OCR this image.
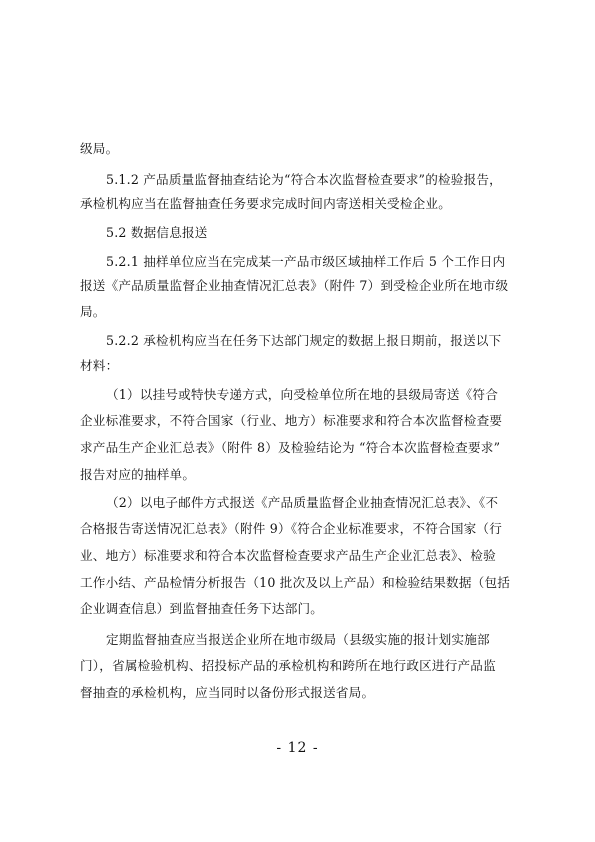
级局。
5.1.2 产品质量监督抽查结论为“符合本次监督检查要求”的检验报告，
承检机构应当在监督抽查任务要求完成时间内寄送相关受检企业。
5.2 数据信息报送
5.2.1 抽样单位应当在完成某一产品市级区域抽样工作后 5 个工作日内
报送《产品质量监督企业抽查情况汇总表》（附件 7）到受检企业所在地市级
局。
5.2.2 承检机构应当在任务下达部门规定的数据上报日期前，报送以下
材料：
（1）以挂号或特快专递方式，向受检单位所在地的县级局寄送《符合
企业标准要求，不符合国家（行业、地方）标准要求和符合本次监督检查要
求产品生产企业汇总表》（附件 8）及检验结论为 “符合本次监督检查要求”
报告对应的抽样单。
（2）以电子邮件方式报送《产品质量监督企业抽查情况汇总表》、《不
合格报告寄送情况汇总表》（附件 9）《符合企业标准要求，不符合国家（行
业、地方）标准要求和符合本次监督检查要求产品生产企业汇总表》、检验
工作小结、产品检情分析报告（10 批次及以上产品）和检验结果数据（包括
企业调查信息）到监督抽查任务下达部门。
定期监督抽查应当报送企业所在地市级局（县级实施的报计划实施部
门），省属检验机构、招投标产品的承检机构和跨所在地行政区进行产品监
督抽查的承检机构，应当同时以备份形式报送省局。
- 12 -
